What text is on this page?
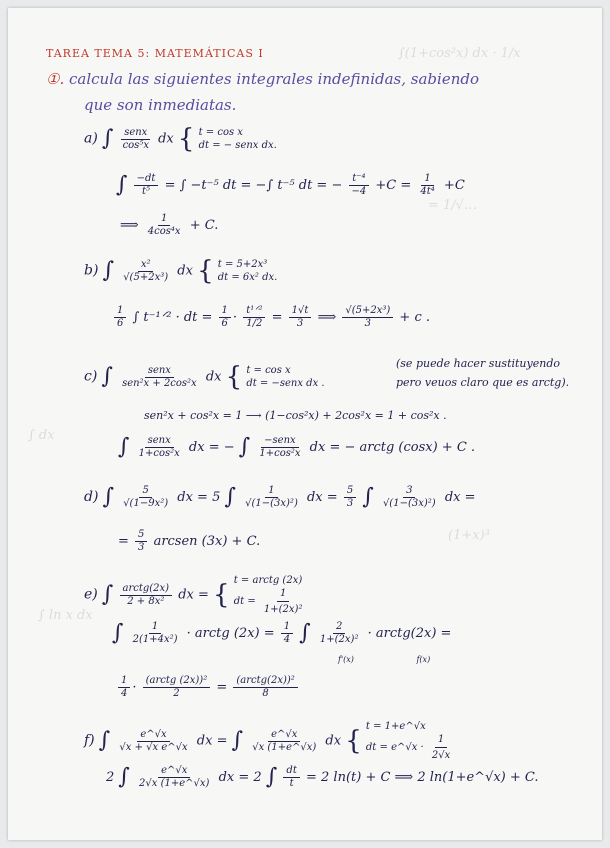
∫(1+cos²x) dx · 1/x
= 1/√…
∫ dx
(1+x)³
∫ ln x dx
TAREA TEMA 5: MATEMÁTICAS I
①. calcula las siguientes integrales indefinidas, sabiendo
que son inmediatas.
a) ∫	senx
cos⁵x dx { t = cos x
dt = − senx dx.
∫ $\frac{-dt}{\text{t⁵}}$ = ∫ −t⁻⁵ dt = −∫ t⁻⁵ dt = − $\frac{\text{t⁻⁴}}{-4} +C = \frac{1}{\text{4t⁴}} +C$
⟹ $\frac{1}{\text{4cos⁴x}} + C$.
b) ∫ $\frac{\text{x²}}{\text{√(5+2x³)}}$ dx { t = 5+2x³
dt = 6x² dx.
$\frac{1}{6}$ ∫ t⁻¹ᐟ² · dt = $\frac{1}{6}$ · t¹ᐟ²
$1/2 = \frac{1√t}{3}$ ⟹ $\frac{\text{√(5+2x³)}}{3} + c$ .
c) ∫	senx
sen²x + 2cos²x dx { t = cos x
dt = −senx dx .
(se puede hacer sustituyendo
pero veuos claro que es arctg).
sen²x + cos²x = 1 ⟶ (1−cos²x) + 2cos²x = 1 + cos²x .
∫	senx
1+cos²x dx = − ∫	−senx
1+cos²x dx = − arctg (cosx) + C .
d) ∫ $\frac{5}{\text{√(1−9x²)}}$ dx = 5 ∫ $\frac{1}{\text{√(1−(3x)²)}}$ dx = $\frac{5}{3}$ ∫ $\frac{3}{\text{√(1−(3x)²)}}$ dx =
= $\frac{5}{3}$ arcsen (3x) + C.
e) ∫ arctg(2x)
2 + 8x² dx = { t = arctg (2x)
dt = $\frac{1}{\text{1+(2x)²}}$
∫ $\frac{1}{\text{2(1+4x²)}}$ · arctg $(2x) = \frac{1}{4}$ ∫ $\frac{2}{\text{1+(2x)²}}$ · arctg(2x) =
f'(x)	f(x)
$\frac{1}{4}$ · (arctg (2x))²
2	= (arctg(2x))²
8
f) ∫ $\frac{e\^{}√x}{\text{√x + √x e\textasciicircum{}√x}}$ dx = ∫ $\frac{e\^{}√x}{√x (1+e\^{}√x)}$ dx { t = 1+e^√x
dt = e^√x · $\frac{1}{2√x}$
2 ∫ $\frac{e\^{}√x}{2√x (1+e\^{}√x)}$ dx = 2 ∫ $\frac{dt}{t} = 2$ ln(t) + C ⟹ 2 ln(1+e^√x) + C.
